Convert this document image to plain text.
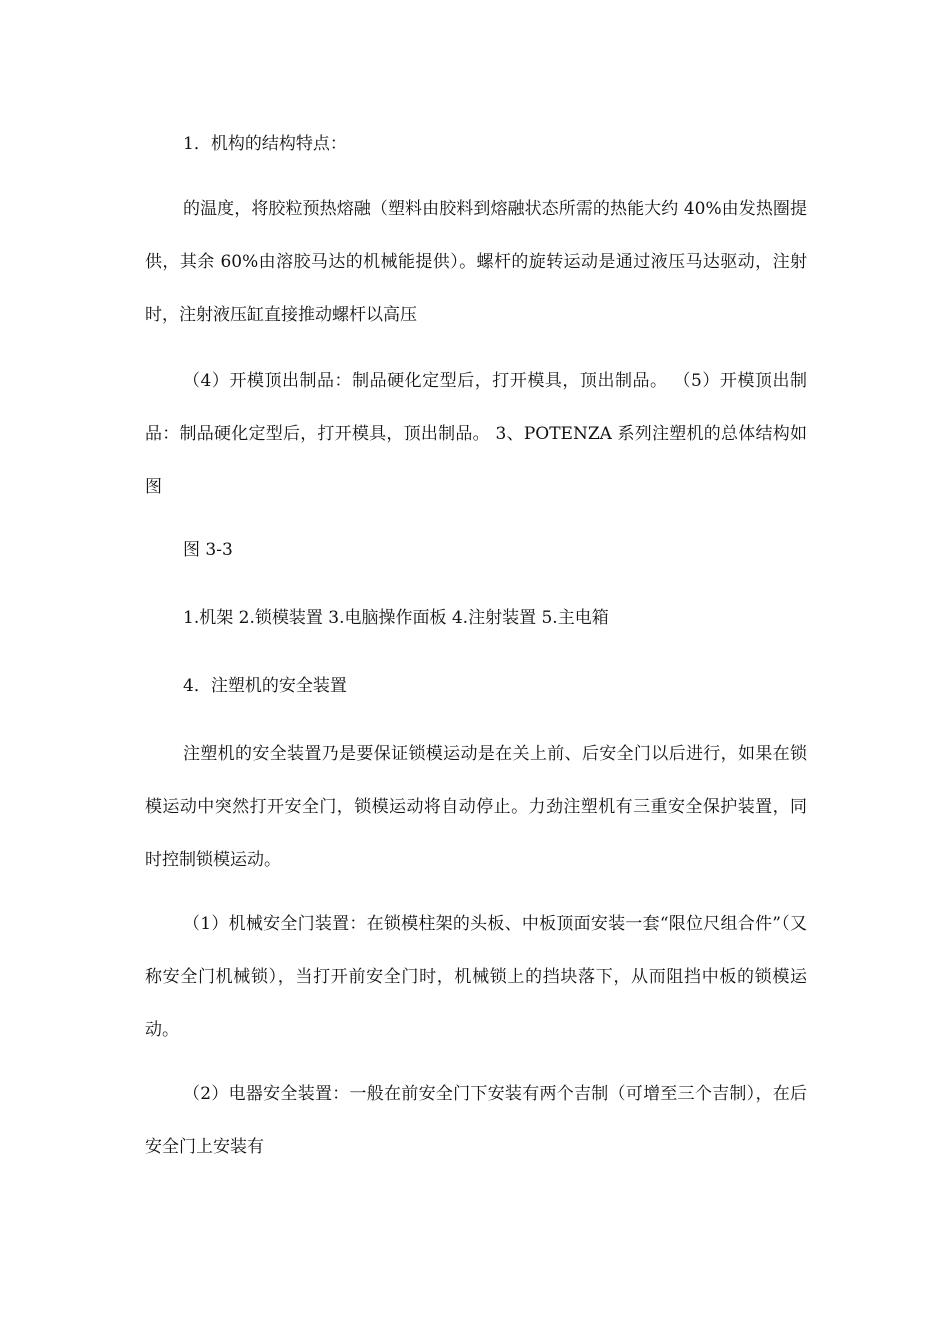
1．机构的结构特点：

的温度，将胶粒预热熔融（塑料由胶料到熔融状态所需的热能大约 40%由发热圈提供，其余 60%由溶胶马达的机械能提供）。螺杆的旋转运动是通过液压马达驱动，注射时，注射液压缸直接推动螺杆以高压

（4）开模顶出制品：制品硬化定型后，打开模具，顶出制品。 （5）开模顶出制品：制品硬化定型后，打开模具，顶出制品。 3、POTENZA 系列注塑机的总体结构如图

图 3-3

1.机架 2.锁模装置 3.电脑操作面板 4.注射装置 5.主电箱

4．注塑机的安全装置

注塑机的安全装置乃是要保证锁模运动是在关上前、后安全门以后进行，如果在锁模运动中突然打开安全门，锁模运动将自动停止。力劲注塑机有三重安全保护装置，同时控制锁模运动。

（1）机械安全门装置：在锁模柱架的头板、中板顶面安装一套“限位尺组合件”（又称安全门机械锁），当打开前安全门时，机械锁上的挡块落下，从而阻挡中板的锁模运动。

（2）电器安全装置：一般在前安全门下安装有两个吉制（可增至三个吉制），在后安全门上安装有
